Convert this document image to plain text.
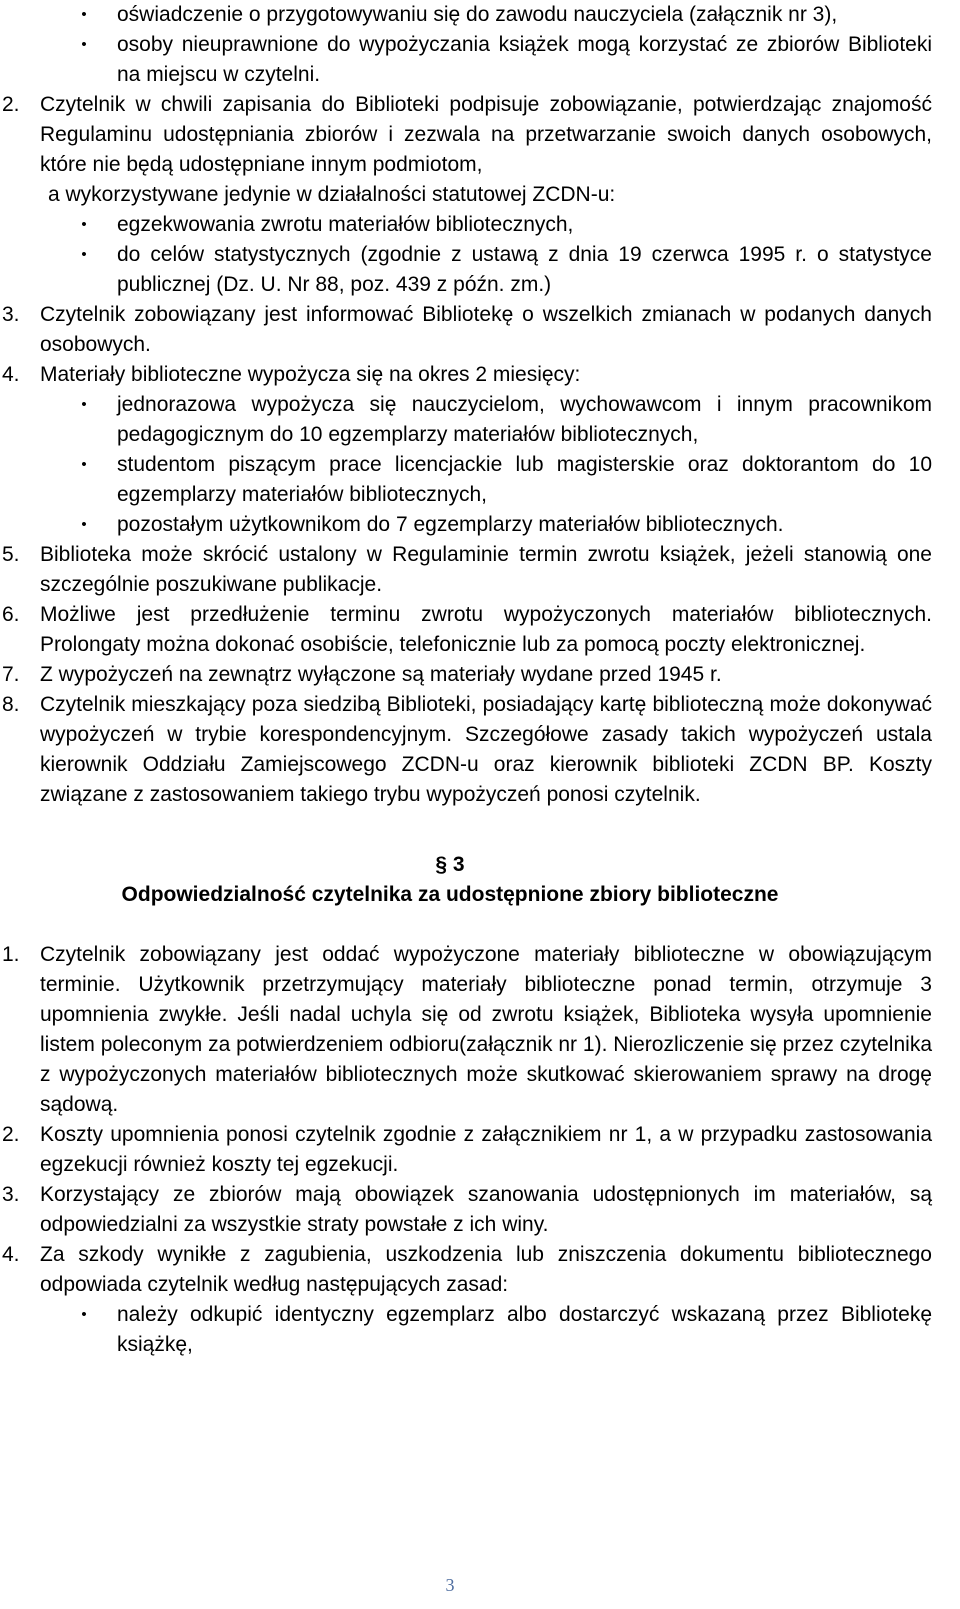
•	oświadczenie o przygotowywaniu się do zawodu nauczyciela (załącznik nr 3),
•	osoby nieuprawnione do wypożyczania książek mogą korzystać ze zbiorów Biblioteki na miejscu w czytelni.
2. Czytelnik w chwili zapisania do Biblioteki podpisuje zobowiązanie, potwierdzając znajomość Regulaminu udostępniania zbiorów i zezwala na przetwarzanie swoich danych osobowych, które nie będą udostępniane innym podmiotom,
a wykorzystywane jedynie w działalności statutowej ZCDN-u:
•	egzekwowania zwrotu materiałów bibliotecznych,
•	do celów statystycznych (zgodnie z ustawą z dnia 19 czerwca 1995 r. o statystyce publicznej (Dz. U. Nr 88, poz. 439 z późn. zm.)
3. Czytelnik zobowiązany jest informować Bibliotekę o wszelkich zmianach w podanych danych osobowych.
4. Materiały biblioteczne wypożycza się na okres 2 miesięcy:
•	jednorazowa wypożycza się nauczycielom, wychowawcom i innym pracownikom pedagogicznym do 10 egzemplarzy materiałów bibliotecznych,
•	studentom piszącym prace licencjackie lub magisterskie oraz doktorantom do 10 egzemplarzy materiałów bibliotecznych,
•	pozostałym użytkownikom do 7 egzemplarzy materiałów bibliotecznych.
5. Biblioteka może skrócić ustalony w Regulaminie termin zwrotu książek, jeżeli stanowią one szczególnie poszukiwane publikacje.
6. Możliwe jest przedłużenie terminu zwrotu wypożyczonych materiałów bibliotecznych. Prolongaty można dokonać osobiście, telefonicznie lub za pomocą poczty elektronicznej.
7. Z wypożyczeń na zewnątrz wyłączone są materiały wydane przed 1945 r.
8. Czytelnik mieszkający poza siedzibą Biblioteki, posiadający kartę biblioteczną może dokonywać wypożyczeń w trybie korespondencyjnym. Szczegółowe zasady takich wypożyczeń ustala kierownik Oddziału Zamiejscowego ZCDN-u oraz kierownik biblioteki ZCDN BP. Koszty związane z zastosowaniem takiego trybu wypożyczeń ponosi czytelnik.
§ 3
Odpowiedzialność czytelnika za udostępnione zbiory biblioteczne
1. Czytelnik zobowiązany jest oddać wypożyczone materiały biblioteczne w obowiązującym terminie. Użytkownik przetrzymujący materiały biblioteczne ponad termin, otrzymuje 3 upomnienia zwykłe. Jeśli nadal uchyla się od zwrotu książek, Biblioteka wysyła upomnienie listem poleconym za potwierdzeniem odbioru(załącznik nr 1). Nierozliczenie się przez czytelnika z wypożyczonych materiałów bibliotecznych może skutkować skierowaniem sprawy na drogę sądową.
2. Koszty upomnienia ponosi czytelnik zgodnie z załącznikiem nr 1, a w przypadku zastosowania egzekucji również koszty tej egzekucji.
3. Korzystający ze zbiorów mają obowiązek szanowania udostępnionych im materiałów, są odpowiedzialni za wszystkie straty powstałe z ich winy.
4. Za szkody wynikłe z zagubienia, uszkodzenia lub zniszczenia dokumentu bibliotecznego odpowiada czytelnik według następujących zasad:
•	należy odkupić identyczny egzemplarz albo dostarczyć wskazaną przez Bibliotekę książkę,
3
